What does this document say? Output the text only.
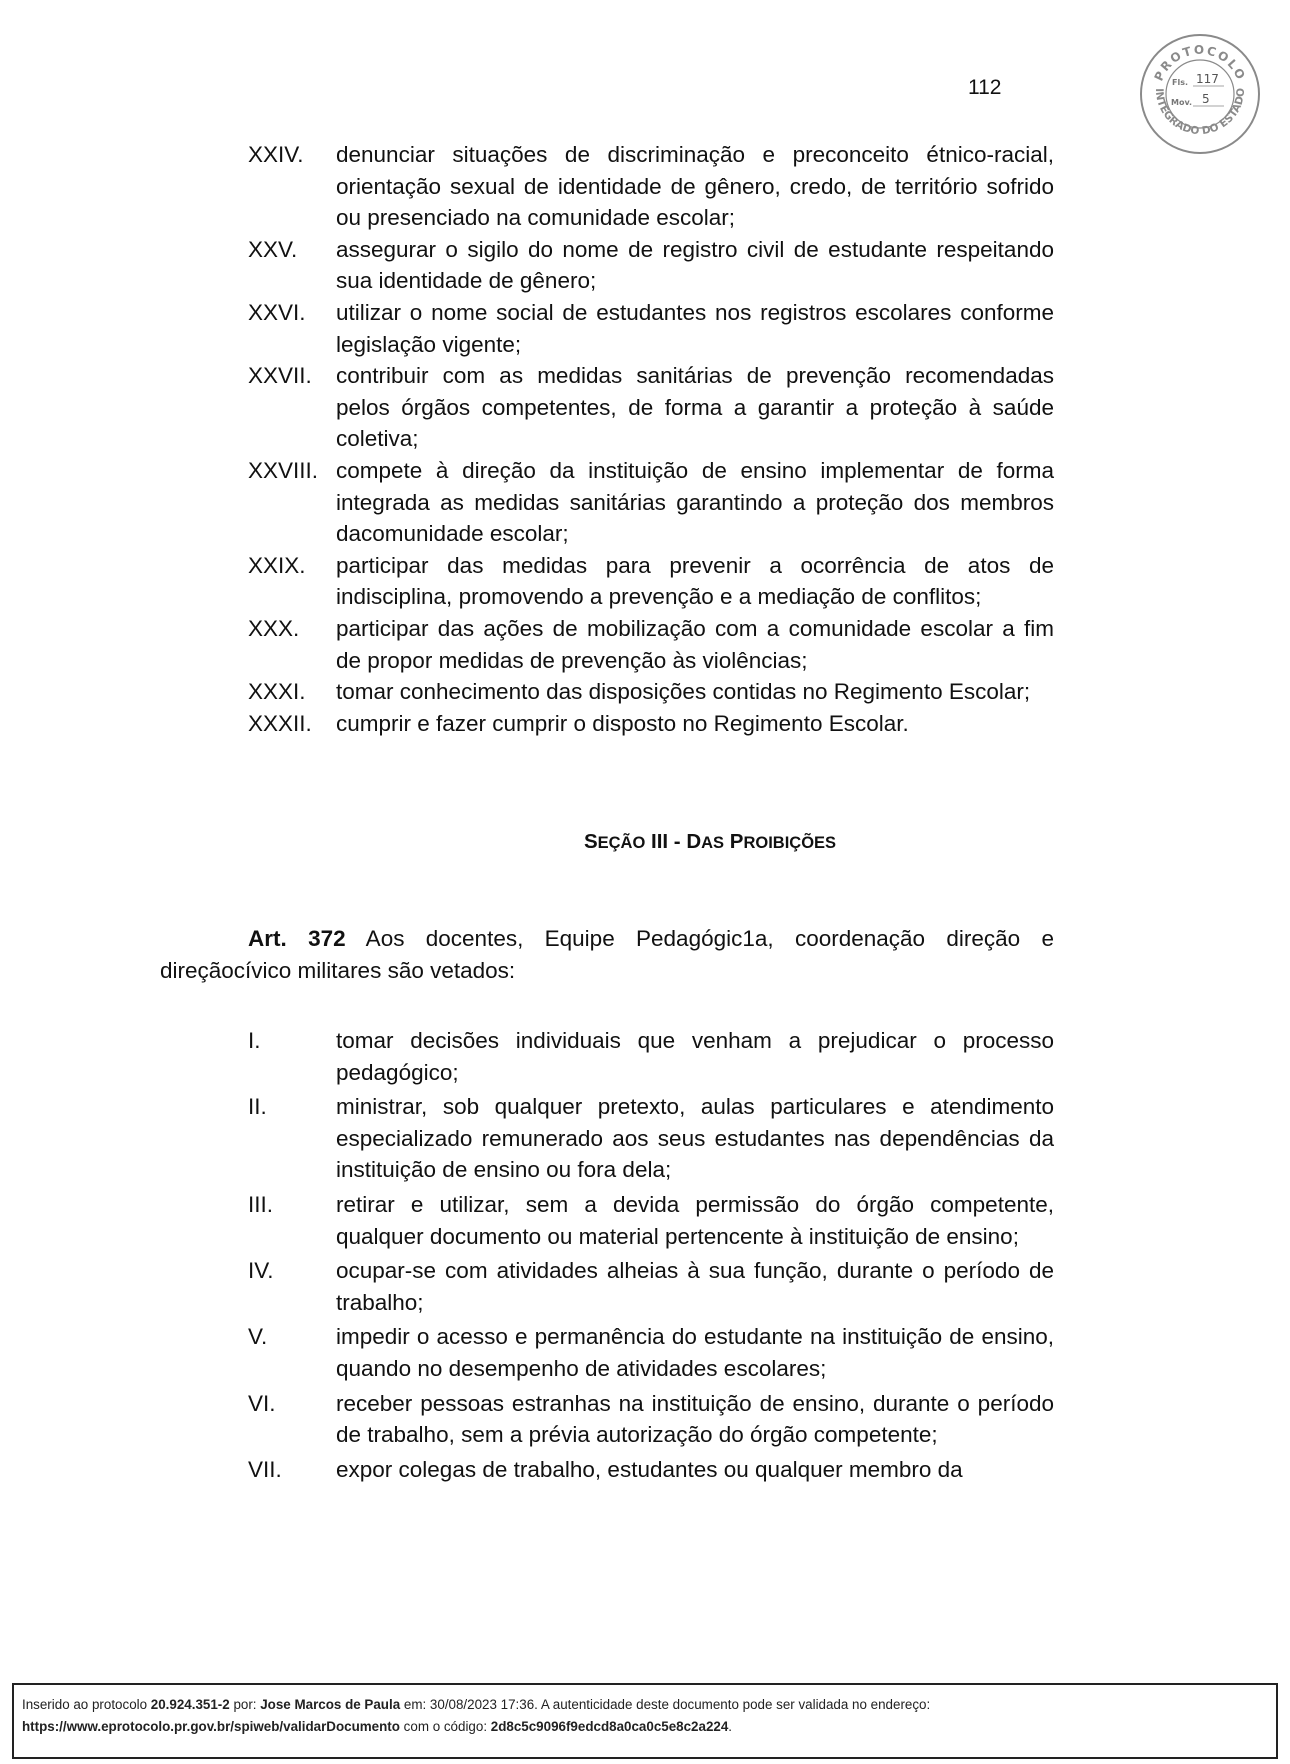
112
PROTOCOLO
INTEGRADO DO ESTADO
Fls. 117
Mov. 5
XXIV.	denunciar situações de discriminação e preconceito étnico-racial, orientação sexual de identidade de gênero, credo, de território sofrido ou presenciado na comunidade escolar;
XXV.	assegurar o sigilo do nome de registro civil de estudante respeitando sua identidade de gênero;
XXVI.	utilizar o nome social de estudantes nos registros escolares conforme legislação vigente;
XXVII.	contribuir com as medidas sanitárias de prevenção recomendadas pelos órgãos competentes, de forma a garantir a proteção à saúde coletiva;
XXVIII. compete à direção da instituição de ensino implementar de forma integrada as medidas sanitárias garantindo a proteção dos membros dacomunidade escolar;
XXIX.	participar das medidas para prevenir a ocorrência de atos de indisciplina, promovendo a prevenção e a mediação de conflitos;
XXX.	participar das ações de mobilização com a comunidade escolar a fim de propor medidas de prevenção às violências;
XXXI.	tomar conhecimento das disposições contidas no Regimento Escolar;
XXXII.	cumprir e fazer cumprir o disposto no Regimento Escolar.
SEÇÃO III - DAS PROIBIÇÕES
Art. 372 Aos docentes, Equipe Pedagógic1a, coordenação direção e direçãocívico militares são vetados:
I.	tomar decisões individuais que venham a prejudicar o processo pedagógico;
II.	ministrar, sob qualquer pretexto, aulas particulares e atendimento especializado remunerado aos seus estudantes nas dependências da instituição de ensino ou fora dela;
III.	retirar e utilizar, sem a devida permissão do órgão competente, qualquer documento ou material pertencente à instituição de ensino;
IV.	ocupar-se com atividades alheias à sua função, durante o período de trabalho;
V.	impedir o acesso e permanência do estudante na instituição de ensino, quando no desempenho de atividades escolares;
VI.	receber pessoas estranhas na instituição de ensino, durante o período de trabalho, sem a prévia autorização do órgão competente;
VII.	expor colegas de trabalho, estudantes ou qualquer membro da
Inserido ao protocolo 20.924.351-2 por: Jose Marcos de Paula em: 30/08/2023 17:36. A autenticidade deste documento pode ser validada no endereço:
https://www.eprotocolo.pr.gov.br/spiweb/validarDocumento com o código: 2d8c5c9096f9edcd8a0ca0c5e8c2a224.
